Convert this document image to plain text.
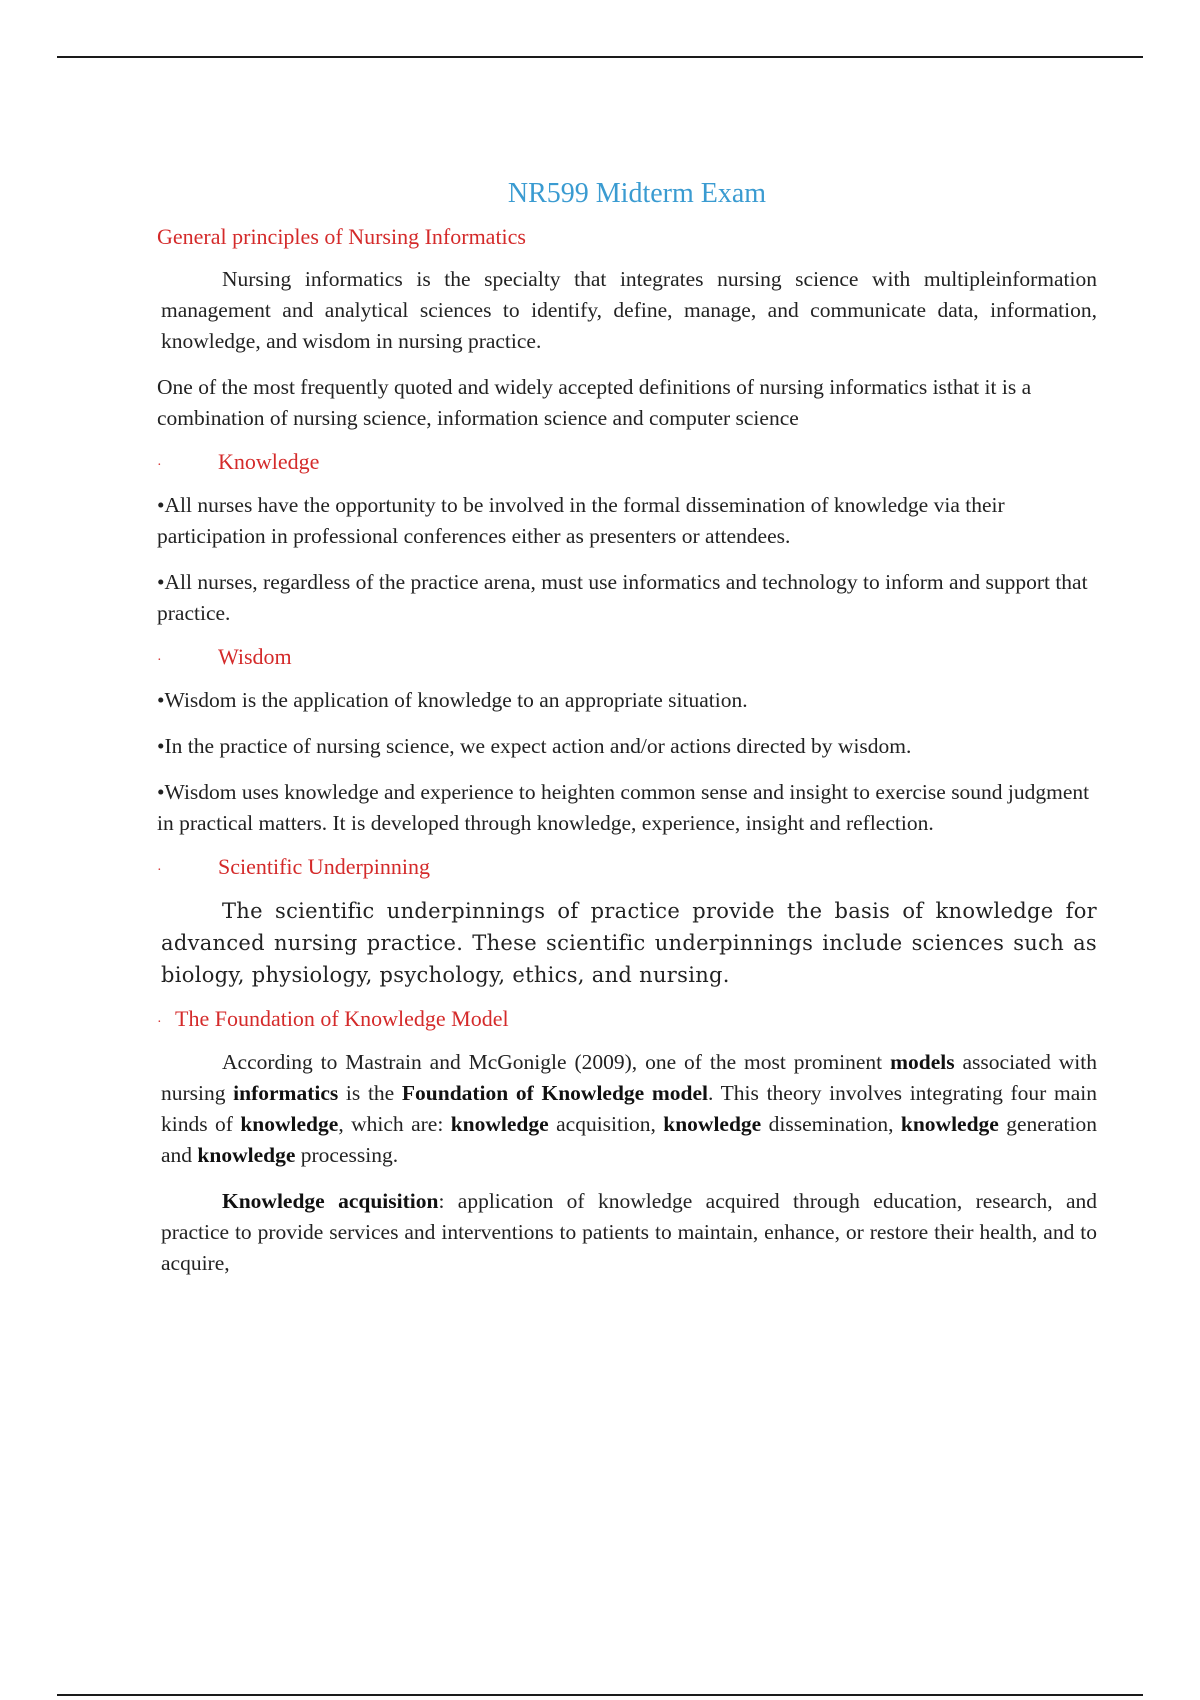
NR599 Midterm Exam
General principles of Nursing Informatics

Nursing informatics is the specialty that integrates nursing science with multipleinformation management and analytical sciences to identify, define, manage, and communicate data, information, knowledge, and wisdom in nursing practice.

One of the most frequently quoted and widely accepted definitions of nursing informatics isthat it is a combination of nursing science, information science and computer science

·	Knowledge

•All nurses have the opportunity to be involved in the formal dissemination of knowledge via their participation in professional conferences either as presenters or attendees.

•All nurses, regardless of the practice arena, must use informatics and technology to inform and support that practice.

·	Wisdom

•Wisdom is the application of knowledge to an appropriate situation.

•In the practice of nursing science, we expect action and/or actions directed by wisdom.

•Wisdom uses knowledge and experience to heighten common sense and insight to exercise sound judgment in practical matters. It is developed through knowledge, experience, insight and reflection.

·	Scientific Underpinning

The scientific underpinnings of practice provide the basis of knowledge for advanced nursing practice. These scientific underpinnings include sciences such as biology, physiology, psychology, ethics, and nursing.

· The Foundation of Knowledge Model

According to Mastrain and McGonigle (2009), one of the most prominent models associated with nursing informatics is the Foundation of Knowledge model. This theory involves integrating four main kinds of knowledge, which are: knowledge acquisition, knowledge dissemination, knowledge generation and knowledge processing.

Knowledge acquisition: application of knowledge acquired through education, research, and practice to provide services and interventions to patients to maintain, enhance, or restore their health, and to acquire,
